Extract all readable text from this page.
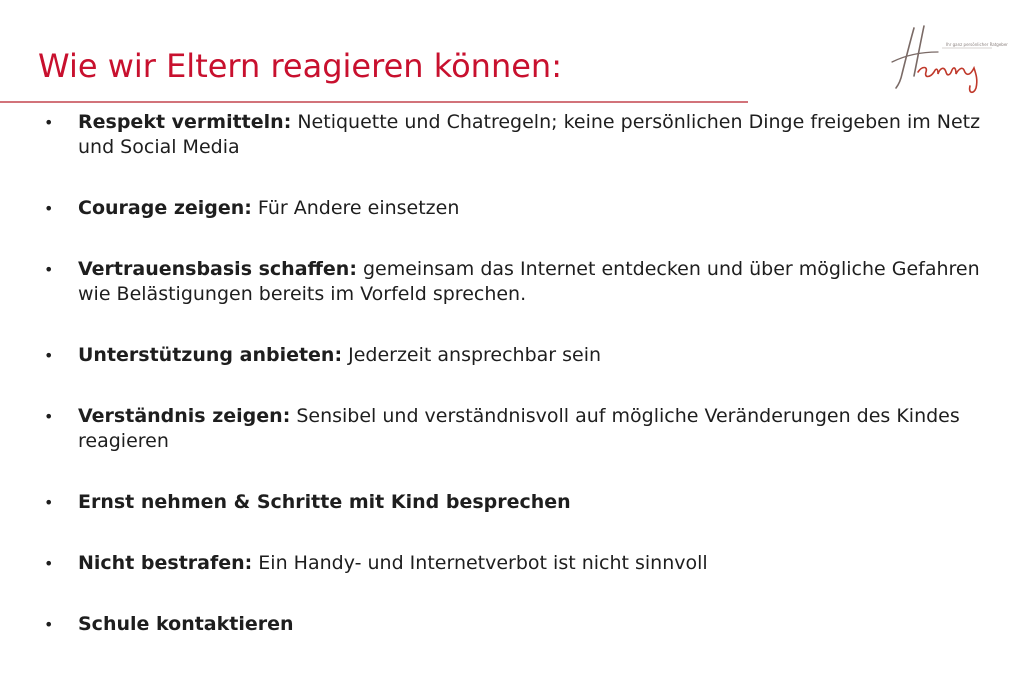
Wie wir Eltern reagieren können:
Ihr ganz persönlicher Ratgeber
• Respekt vermitteln: Netiquette und Chatregeln; keine persönlichen Dinge freigeben im Netz und Social Media
• Courage zeigen: Für Andere einsetzen
• Vertrauensbasis schaffen: gemeinsam das Internet entdecken und über mögliche Gefahren wie Belästigungen bereits im Vorfeld sprechen.
• Unterstützung anbieten: Jederzeit ansprechbar sein
• Verständnis zeigen: Sensibel und verständnisvoll auf mögliche Veränderungen des Kindes reagieren
• Ernst nehmen & Schritte mit Kind besprechen
• Nicht bestrafen: Ein Handy- und Internetverbot ist nicht sinnvoll
• Schule kontaktieren
